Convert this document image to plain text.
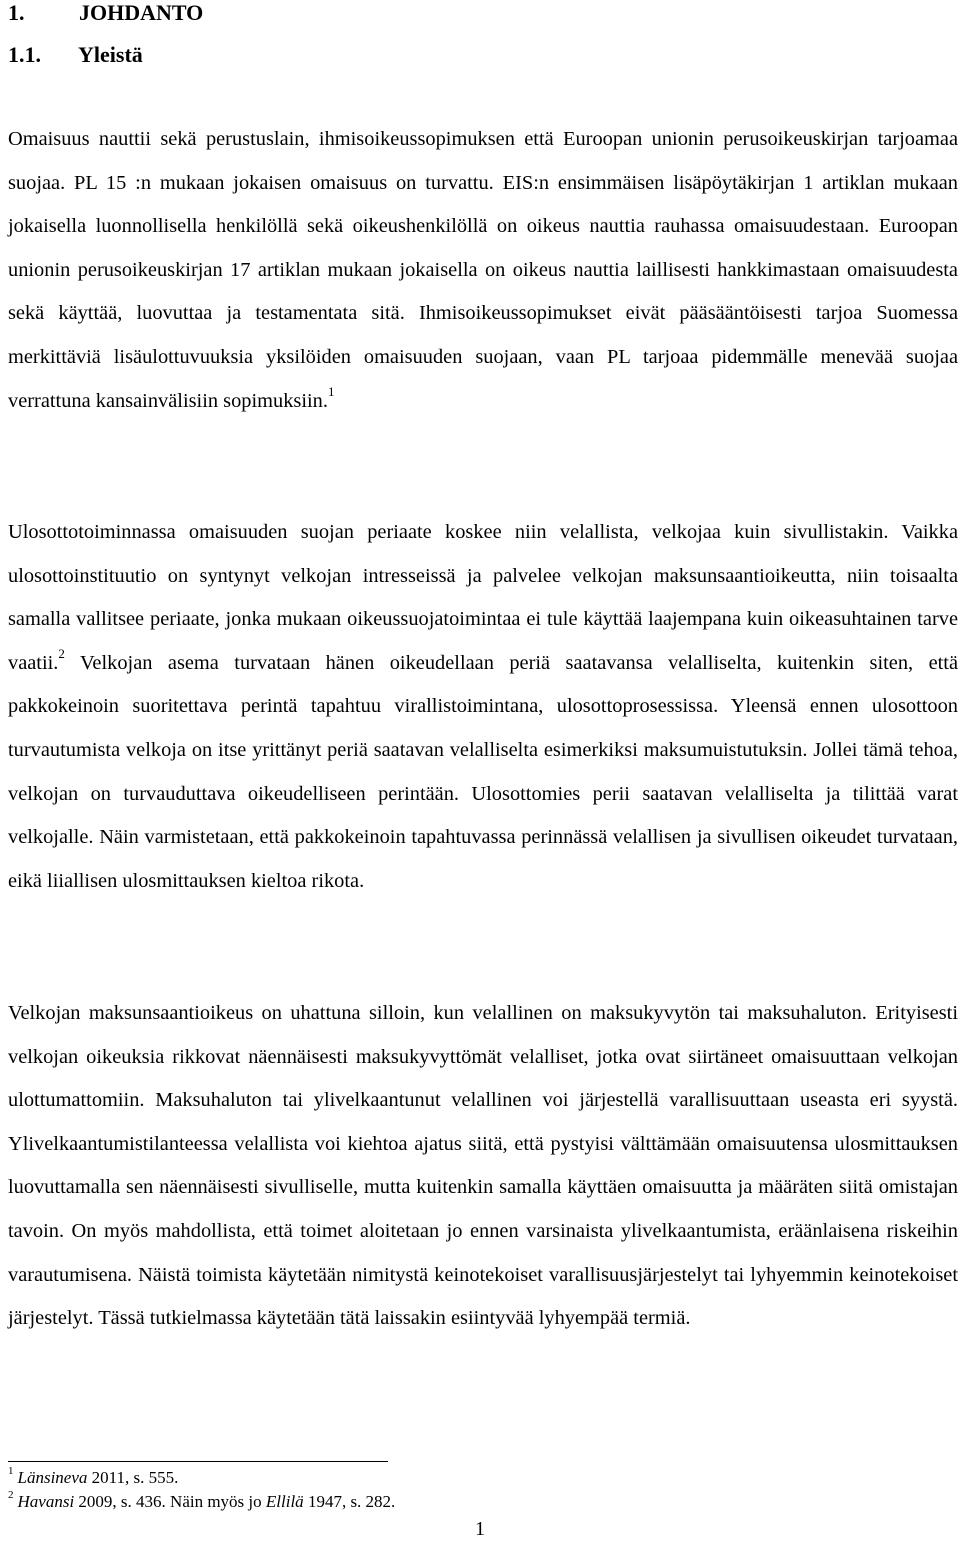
1. JOHDANTO
1.1. Yleistä

Omaisuus nauttii sekä perustuslain, ihmisoikeussopimuksen että Euroopan unionin perusoikeuskirjan tarjoamaa suojaa. PL 15 :n mukaan jokaisen omaisuus on turvattu. EIS:n ensimmäisen lisäpöytäkirjan 1 artiklan mukaan jokaisella luonnollisella henkilöllä sekä oikeushenkilöllä on oikeus nauttia rauhassa omaisuudestaan. Euroopan unionin perusoikeuskirjan 17 artiklan mukaan jokaisella on oikeus nauttia laillisesti hankkimastaan omaisuudesta sekä käyttää, luovuttaa ja testamentata sitä. Ihmisoikeussopimukset eivät pääsääntöisesti tarjoa Suomessa merkittäviä lisäulottuvuuksia yksilöiden omaisuuden suojaan, vaan PL tarjoaa pidemmälle menevää suojaa verrattuna kansainvälisiin sopimuksiin.$^1$

Ulosottotoiminnassa omaisuuden suojan periaate koskee niin velallista, velkojaa kuin sivullistakin. Vaikka ulosottoinstituutio on syntynyt velkojan intresseissä ja palvelee velkojan maksunsaantioikeutta, niin toisaalta samalla vallitsee periaate, jonka mukaan oikeussuojatoimintaa ei tule käyttää laajempana kuin oikeasuhtainen tarve vaatii.$^2$ Velkojan asema turvataan hänen oikeudellaan periä saatavansa velalliselta, kuitenkin siten, että pakkokeinoin suoritettava perintä tapahtuu virallistoimintana, ulosottoprosessissa. Yleensä ennen ulosottoon turvautumista velkoja on itse yrittänyt periä saatavan velalliselta esimerkiksi maksumuistutuksin. Jollei tämä tehoa, velkojan on turvauduttava oikeudelliseen perintään. Ulosottomies perii saatavan velalliselta ja tilittää varat velkojalle. Näin varmistetaan, että pakkokeinoin tapahtuvassa perinnässä velallisen ja sivullisen oikeudet turvataan, eikä liiallisen ulosmittauksen kieltoa rikota.

Velkojan maksunsaantioikeus on uhattuna silloin, kun velallinen on maksukyvytön tai maksuhaluton. Erityisesti velkojan oikeuksia rikkovat näennäisesti maksukyvyttömät velalliset, jotka ovat siirtäneet omaisuuttaan velkojan ulottumattomiin. Maksuhaluton tai ylivelkaantunut velallinen voi järjestellä varallisuuttaan useasta eri syystä. Ylivelkaantumistilanteessa velallista voi kiehtoa ajatus siitä, että pystyisi välttämään omaisuutensa ulosmittauksen luovuttamalla sen näennäisesti sivulliselle, mutta kuitenkin samalla käyttäen omaisuutta ja määräten siitä omistajan tavoin. On myös mahdollista, että toimet aloitetaan jo ennen varsinaista ylivelkaantumista, eräänlaisena riskeihin varautumisena. Näistä toimista käytetään nimitystä keinotekoiset varallisuusjärjestelyt tai lyhyemmin keinotekoiset järjestelyt. Tässä tutkielmassa käytetään tätä laissakin esiintyvää lyhyempää termiä.

$^1$ Länsineva 2011, s. 555.
$^2$ Havansi 2009, s. 436. Näin myös jo Ellilä 1947, s. 282.
1
